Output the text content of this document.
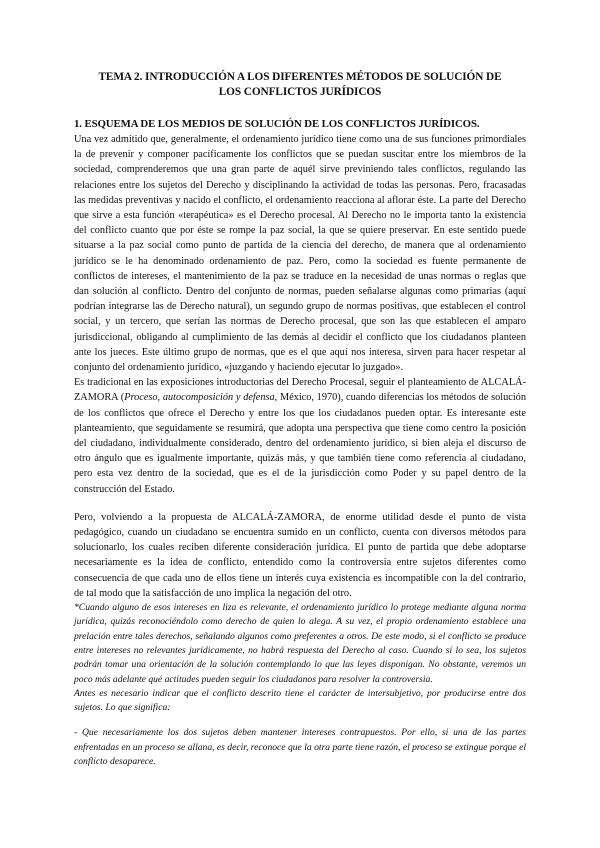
TEMA 2. INTRODUCCIÓN A LOS DIFERENTES MÉTODOS DE SOLUCIÓN DE
LOS CONFLICTOS JURÍDICOS
1. ESQUEMA DE LOS MEDIOS DE SOLUCIÓN DE LOS CONFLICTOS JURÍDICOS.

Una vez admitido que, generalmente, el ordenamiento jurídico tiene como una de sus funciones primordiales la de prevenir y componer pacíficamente los conflictos que se puedan suscitar entre los miembros de la sociedad, comprenderemos que una gran parte de aquél sirve previniendo tales conflictos, regulando las relaciones entre los sujetos del Derecho y disciplinando la actividad de todas las personas. Pero, fracasadas las medidas preventivas y nacido el conflicto, el ordenamiento reacciona al aflorar éste. La parte del Derecho que sirve a esta función «terapéutica» es el Derecho procesal. Al Derecho no le importa tanto la existencia del conflicto cuanto que por éste se rompe la paz social, la que se quiere preservar. En este sentido puede situarse a la paz social como punto de partida de la ciencia del derecho, de manera que al ordenamiento jurídico se le ha denominado ordenamiento de paz. Pero, como la sociedad es fuente permanente de conflictos de intereses, el mantenimiento de la paz se traduce en la necesidad de unas normas o reglas que dan solución al conflicto. Dentro del conjunto de normas, pueden señalarse algunas como primarias (aquí podrían integrarse las de Derecho natural), un segundo grupo de normas positivas, que establecen el control social, y un tercero, que serían las normas de Derecho procesal, que son las que establecen el amparo jurisdiccional, obligando al cumplimiento de las demás al decidir el conflicto que los ciudadanos planteen ante los jueces. Este último grupo de normas, que es el que aquí nos interesa, sirven para hacer respetar al conjunto del ordenamiento jurídico, «juzgando y haciendo ejecutar lo juzgado».

Es tradicional en las exposiciones introductorias del Derecho Procesal, seguir el planteamiento de ALCALÁ-ZAMORA (Proceso, autocomposición y defensa, México, 1970), cuando diferencias los métodos de solución de los conflictos que ofrece el Derecho y entre los que los ciudadanos pueden optar. Es interesante este planteamiento, que seguidamente se resumirá, que adopta una perspectiva que tiene como centro la posición del ciudadano, individualmente considerado, dentro del ordenamiento jurídico, si bien aleja el discurso de otro ángulo que es igualmente importante, quizás más, y que también tiene como referencia al ciudadano, pero esta vez dentro de la sociedad, que es el de la jurisdicción como Poder y su papel dentro de la construcción del Estado.

Pero, volviendo a la propuesta de ALCALÁ-ZAMORA, de enorme utilidad desde el punto de vista pedagógico, cuando un ciudadano se encuentra sumido en un conflicto, cuenta con diversos métodos para solucionarlo, los cuales reciben diferente consideración jurídica. El punto de partida que debe adoptarse necesariamente es la idea de conflicto, entendido como la controversia entre sujetos diferentes como consecuencia de que cada uno de ellos tiene un interés cuya existencia es incompatible con la del contrario, de tal modo que la satisfacción de uno implica la negación del otro.

*Cuando alguno de esos intereses en liza es relevante, el ordenamiento jurídico lo protege mediante alguna norma jurídica, quizás reconociéndolo como derecho de quien lo alega. A su vez, el propio ordenamiento establece una prelación entre tales derechos, señalando algunos como preferentes a otros. De este modo, si el conflicto se produce entre intereses no relevantes jurídicamente, no habrá respuesta del Derecho al caso. Cuando sí lo sea, los sujetos podrán tomar una orientación de la solución contemplando lo que las leyes disponigan. No obstante, veremos un poco más adelante qué actitudes pueden seguir los ciudadanos para resolver la controversia.

Antes es necesario indicar que el conflicto descrito tiene el carácter de intersubjetivo, por producirse entre dos sujetos. Lo que significa:

- Que necesariamente los dos sujetos deben mantener intereses contrapuestos. Por ello, si una de las partes enfrentadas en un proceso se allana, es decir, reconoce que la otra parte tiene razón, el proceso se extingue porque el conflicto desaparece.
